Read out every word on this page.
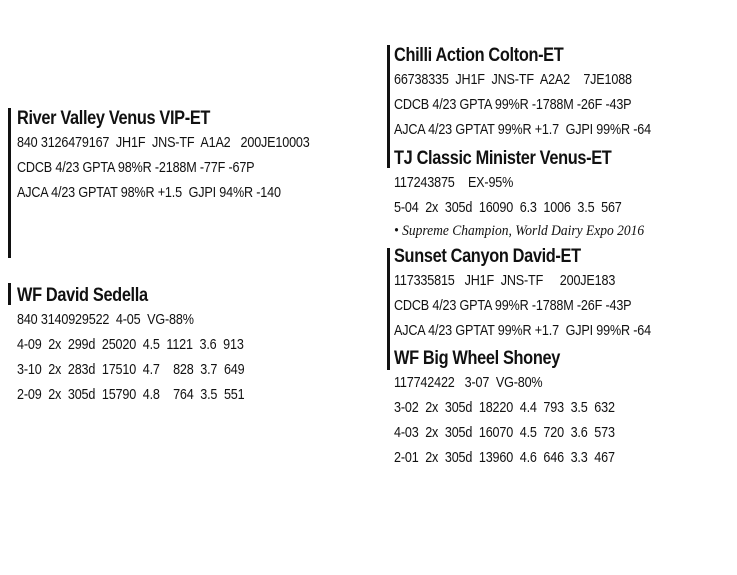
River Valley Venus VIP-ET
840 3126479167  JH1F  JNS-TF  A1A2   200JE10003
CDCB 4/23 GPTA 98%R -2188M -77F -67P
AJCA 4/23 GPTAT 98%R +1.5  GJPI 94%R -140
WF David Sedella
840 3140929522  4-05  VG-88%
4-09  2x  299d  25020  4.5  1121  3.6  913
3-10  2x  283d  17510  4.7    828  3.7  649
2-09  2x  305d  15790  4.8    764  3.5  551
Chilli Action Colton-ET
66738335  JH1F  JNS-TF  A2A2    7JE1088
CDCB 4/23 GPTA 99%R -1788M -26F -43P
AJCA 4/23 GPTAT 99%R +1.7  GJPI 99%R -64
TJ Classic Minister Venus-ET
117243875    EX-95%
5-04  2x  305d  16090  6.3  1006  3.5  567
• Supreme Champion, World Dairy Expo 2016
Sunset Canyon David-ET
117335815   JH1F  JNS-TF     200JE183
CDCB 4/23 GPTA 99%R -1788M -26F -43P
AJCA 4/23 GPTAT 99%R +1.7  GJPI 99%R -64
WF Big Wheel Shoney
117742422   3-07  VG-80%
3-02  2x  305d  18220  4.4  793  3.5  632
4-03  2x  305d  16070  4.5  720  3.6  573
2-01  2x  305d  13960  4.6  646  3.3  467
